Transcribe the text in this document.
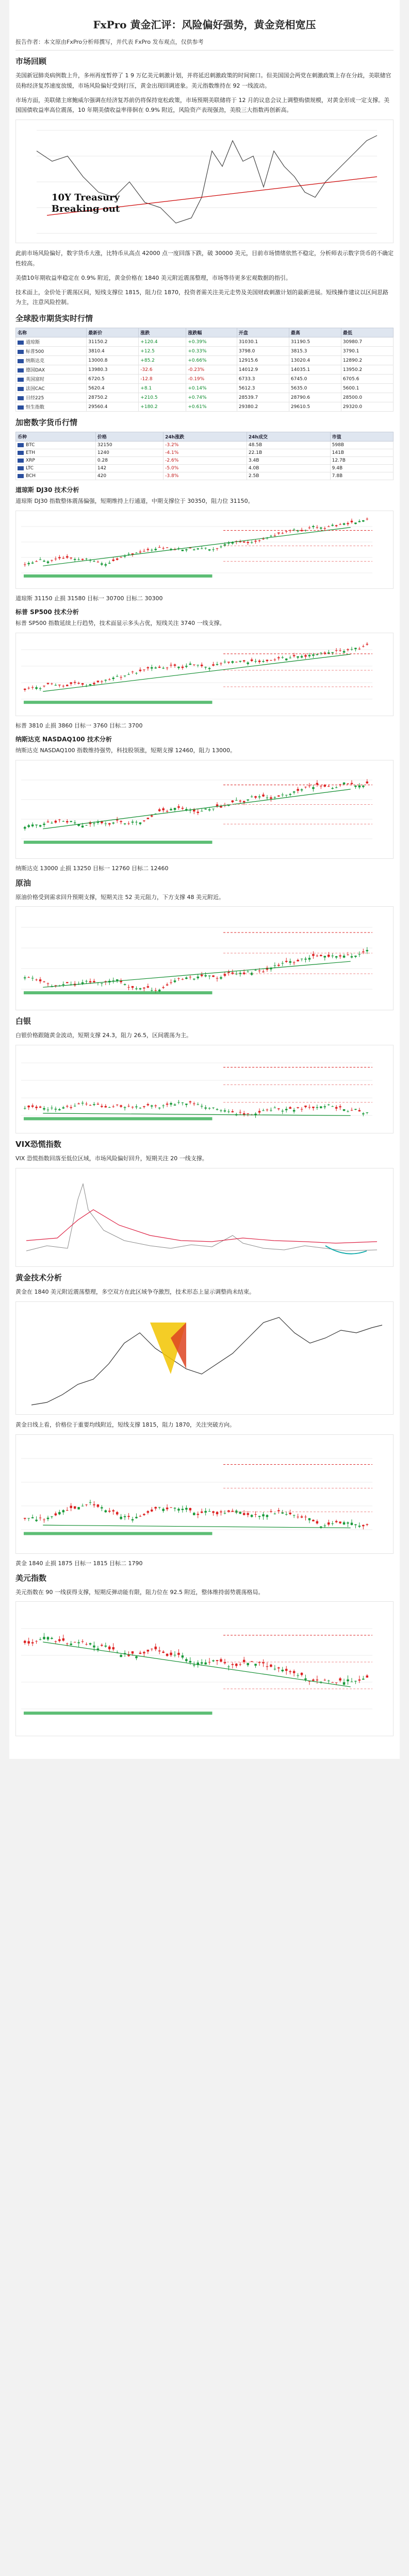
FxPro 黄金汇评：风险偏好强势，黄金竞相宽压
报告作者：本文原由FxPro分析师撰写，并代表 FxPro 发布观点，仅供参考
市场回顾

美国新冠肺炎病例数上升，多州再度暂停了 1 9 万亿美元刺激计划，并将延迟刺激政策的时间窗口。但美国国会两党在刺激政策上存在分歧，美联储官员称经济复苏速度放缓，市场风险偏好受到打压，黄金出现回调迹象。美元指数维持在 92 一线波动。

市场方面，美联储主席鲍威尔强调在经济复苏前仍将保持宽松政策，市场预期美联储将于 12 月的议息会议上调整购债规模，对黄金形成一定支撑。美国国债收益率高位震荡，10 年期美债收益率徘徊在 0.9% 附近，风险资产表现强劲，美股三大指数再创新高。

10Y Treasury Breaking out

此前市场风险偏好，数字货币大涨，比特币从高点 42000 点一度回落下跌，破 30000 美元，目前市场情绪依然不稳定，分析师表示数字货币的不确定性较高。

美债10年期收益率稳定在 0.9% 附近，黄金价格在 1840 美元附近震荡整理，市场等待更多宏观数据的指引。

技术面上，金价处于震荡区间，短线支撑位 1815，阻力位 1870，投资者需关注美元走势及美国财政刺激计划的最新进展。短线操作建议以区间思路为主，注意风险控制。

全球股市期货实时行情
名称	最新价	涨跌	涨跌幅	开盘	最高	最低
道琼斯	31150.2	+120.4	+0.39%	31030.1	31190.5	30980.7
标普500	3810.4	+12.5	+0.33%	3798.0	3815.3	3790.1
纳斯达克	13000.8	+85.2	+0.66%	12915.6	13020.4	12890.2
德国DAX	13980.3	-32.6	-0.23%	14012.9	14035.1	13950.2
英国富时	6720.5	-12.8	-0.19%	6733.3	6745.0	6705.6
法国CAC	5620.4	+8.1	+0.14%	5612.3	5635.0	5600.1
日经225	28750.2	+210.5	+0.74%	28539.7	28790.6	28500.0
恒生指数	29560.4	+180.2	+0.61%	29380.2	29610.5	29320.0
加密数字货币行情
币种	价格	24h涨跌	24h成交	市值
BTC	32150	-3.2%	48.5B	598B
ETH	1240	-4.1%	22.1B	141B
XRP	0.28	-2.6%	3.4B	12.7B
LTC	142	-5.0%	4.0B	9.4B
BCH	420	-3.8%	2.5B	7.8B
道琼斯 DJ30 技术分析

道琼斯 DJ30 指数整体震荡偏强，短期维持上行通道，中期支撑位于 30350，阻力位 31150。

道琼斯 31150 止损 31580 目标一 30700 目标二 30300
标普 SP500 技术分析

标普 SP500 指数延续上行趋势，技术面显示多头占优，短线关注 3740 一线支撑。

标普 3810 止损 3860 目标一 3760 目标二 3700
纳斯达克 NASDAQ100 技术分析

纳斯达克 NASDAQ100 指数维持强势，科技股领涨，短期支撑 12460，阻力 13000。

纳斯达克 13000 止损 13250 目标一 12760 目标二 12460
原油

原油价格受到需求回升预期支撑，短期关注 52 美元阻力，下方支撑 48 美元附近。

白银

白银价格跟随黄金波动，短期支撑 24.3，阻力 26.5，区间震荡为主。

VIX恐慌指数

VIX 恐慌指数回落至低位区域，市场风险偏好回升，短期关注 20 一线支撑。

黄金技术分析

黄金在 1840 美元附近震荡整理，多空双方在此区域争夺激烈，技术形态上显示调整尚未结束。

黄金日线上看，价格位于重要均线附近，短线支撑 1815，阻力 1870，关注突破方向。

黄金 1840 止损 1875 目标一 1815 目标二 1790
美元指数

美元指数在 90 一线获得支撑，短期反弹动能有限，阻力位在 92.5 附近，整体维持弱势震荡格局。
